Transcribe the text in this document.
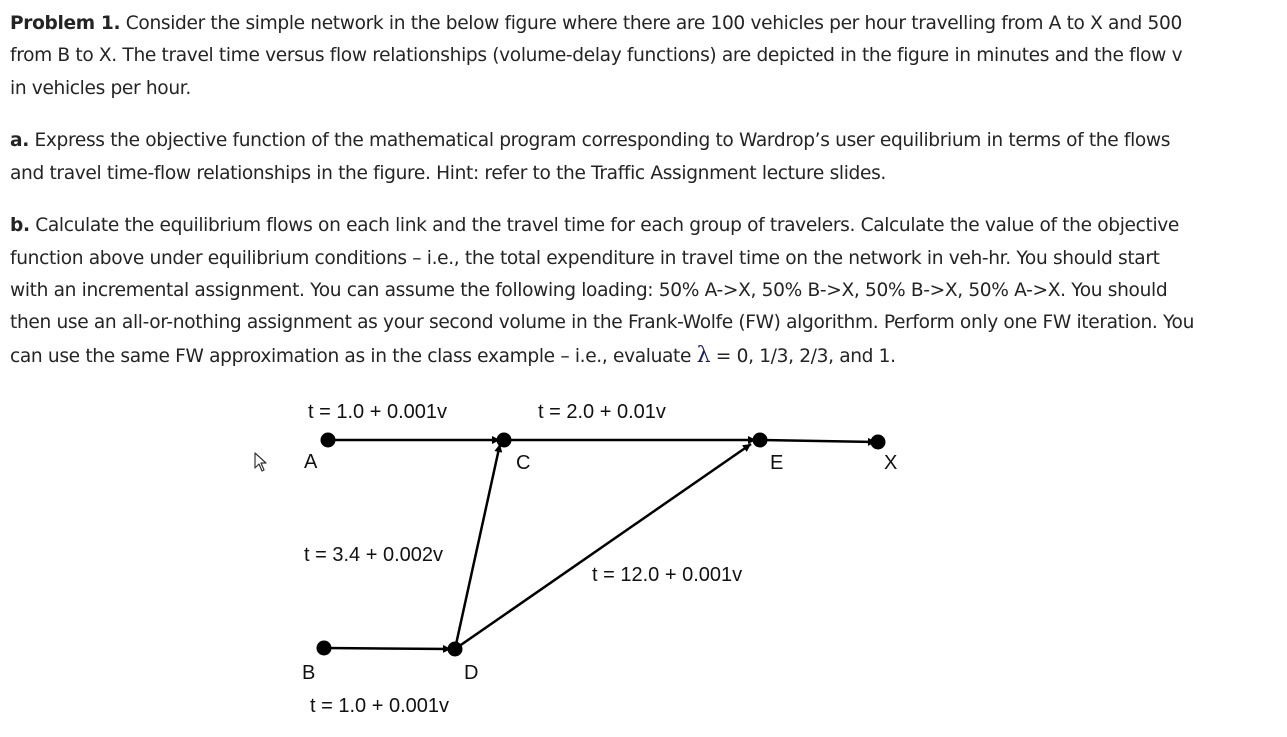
Problem 1. Consider the simple network in the below figure where there are 100 vehicles per hour travelling from A to X and 500 from B to X. The travel time versus flow relationships (volume-delay functions) are depicted in the figure in minutes and the flow v in vehicles per hour.

a. Express the objective function of the mathematical program corresponding to Wardrop’s user equilibrium in terms of the flows and travel time-flow relationships in the figure. Hint: refer to the Traffic Assignment lecture slides.

b. Calculate the equilibrium flows on each link and the travel time for each group of travelers. Calculate the value of the objective function above under equilibrium conditions – i.e., the total expenditure in travel time on the network in veh-hr. You should start with an incremental assignment. You can assume the following loading: 50% A->X, 50% B->X, 50% B->X, 50% A->X. You should then use an all-or-nothing assignment as your second volume in the Frank-Wolfe (FW) algorithm. Perform only one FW iteration. You can use the same FW approximation as in the class example – i.e., evaluate λ = 0, 1/3, 2/3, and 1.

t = 1.0 + 0.001v	t = 2.0 + 0.01v
t = 3.4 + 0.002v
t = 12.0 + 0.001v
t = 1.0 + 0.001v
A	C	E	X
B	D
